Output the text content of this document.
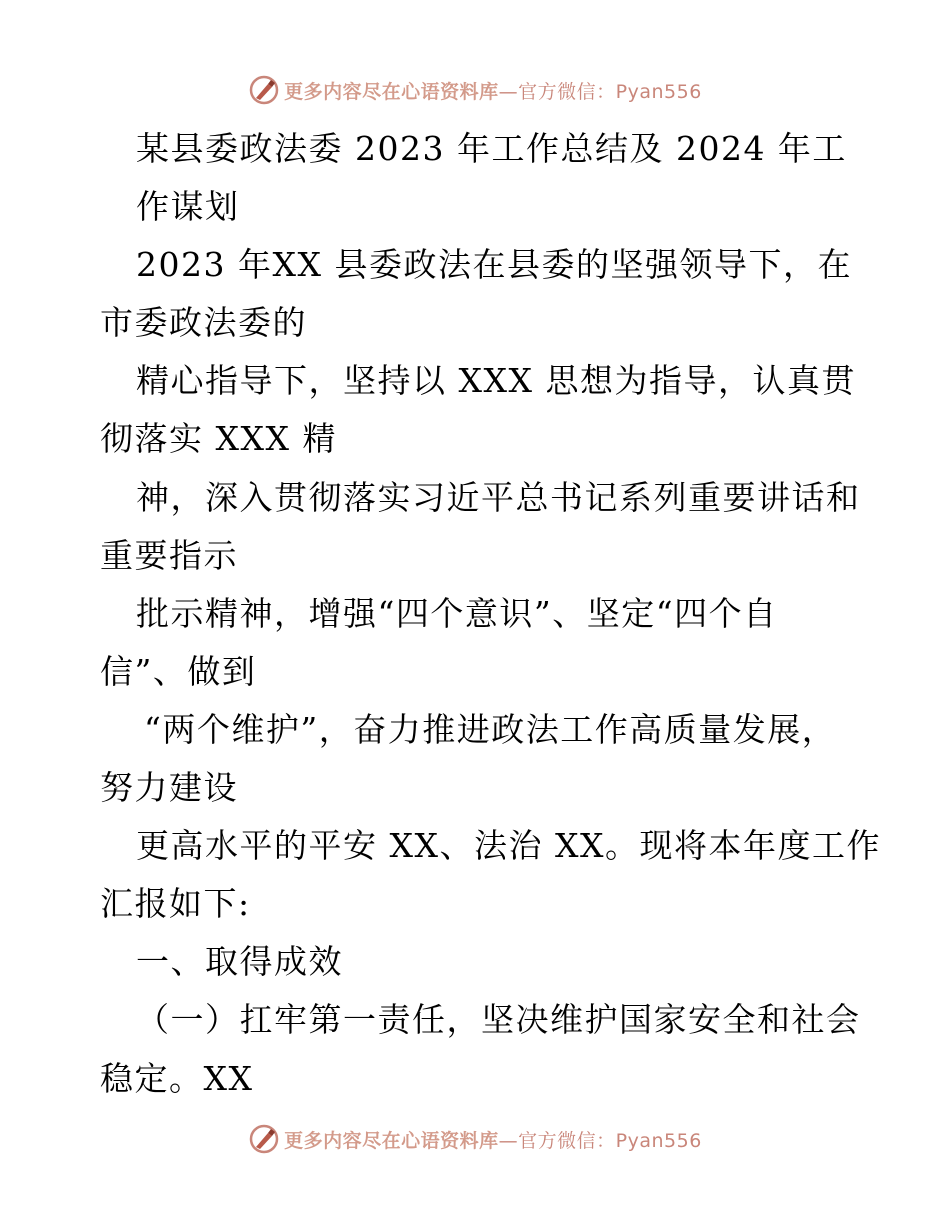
更多内容尽在心语资料库—官方微信：Pyan556
某县委政法委 2023 年工作总结及 2024 年工
作谋划
2023 年XX 县委政法在县委的坚强领导下，在
市委政法委的
精心指导下，坚持以 XXX 思想为指导，认真贯
彻落实 XXX 精
神，深入贯彻落实习近平总书记系列重要讲话和
重要指示
批示精神，增强“四个意识”、坚定“四个自
信”、做到
“两个维护”，奋力推进政法工作高质量发展，
努力建设
更高水平的平安 XX、法治 XX。现将本年度工作
汇报如下:
一、取得成效
（一）扛牢第一责任，坚决维护国家安全和社会
稳定。XX
更多内容尽在心语资料库—官方微信：Pyan556
